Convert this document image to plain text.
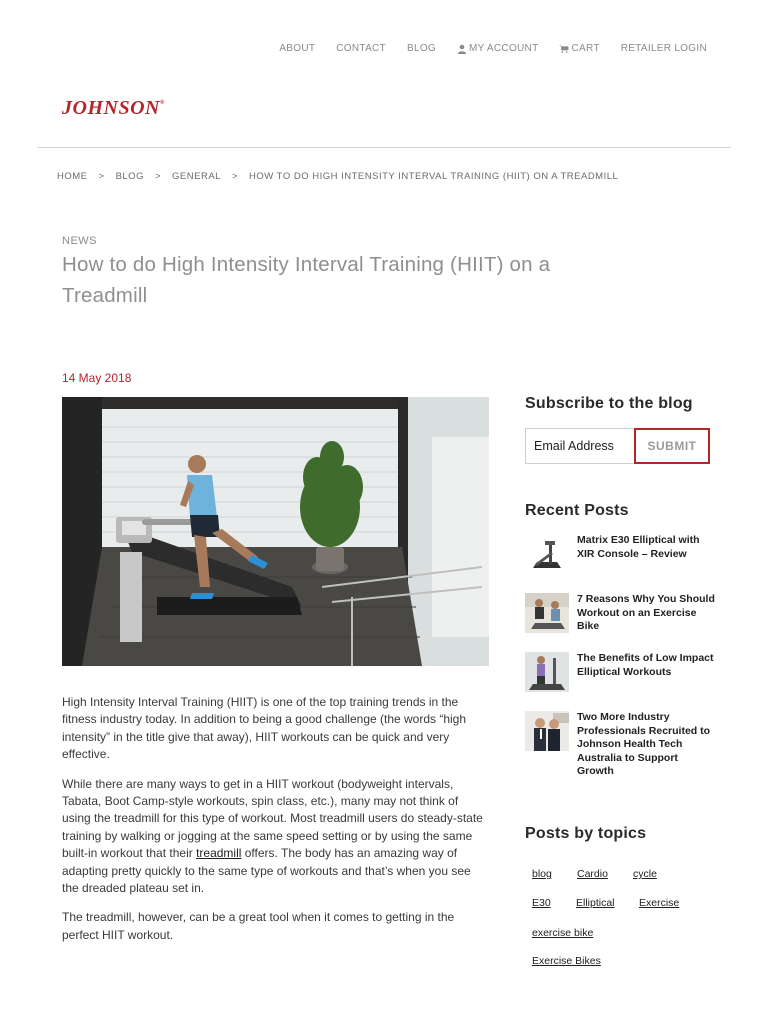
ABOUT CONTACT BLOG	MY ACCOUNT	CART RETAILER LOGIN
JOHNSON®
HOME > BLOG > GENERAL > HOW TO DO HIGH INTENSITY INTERVAL TRAINING (HIIT) ON A TREADMILL
NEWS
How to do High Intensity Interval Training (HIIT) on a Treadmill
14 May 2018

High Intensity Interval Training (HIIT) is one of the top training trends in the fitness industry today. In addition to being a good challenge (the words “high intensity” in the title give that away), HIIT workouts can be quick and very effective.

While there are many ways to get in a HIIT workout (bodyweight intervals, Tabata, Boot Camp-style workouts, spin class, etc.), many may not think of using the treadmill for this type of workout. Most treadmill users do steady-state training by walking or jogging at the same speed setting or by using the same built-in workout that their treadmill offers. The body has an amazing way of adapting pretty quickly to the same type of workouts and that’s when you see the dreaded plateau set in.

The treadmill, however, can be a great tool when it comes to getting in the perfect HIIT workout.

Subscribe to the blog
Email Address
SUBMIT
Recent Posts
Matrix E30 Elliptical with XIR Console – Review
7 Reasons Why You Should Workout on an Exercise Bike
The Benefits of Low Impact Elliptical Workouts
Two More Industry Professionals Recruited to Johnson Health Tech Australia to Support Growth
Posts by topics
blog Cardio cycle
E30 Elliptical Exercise
exercise bike
Exercise Bikes
